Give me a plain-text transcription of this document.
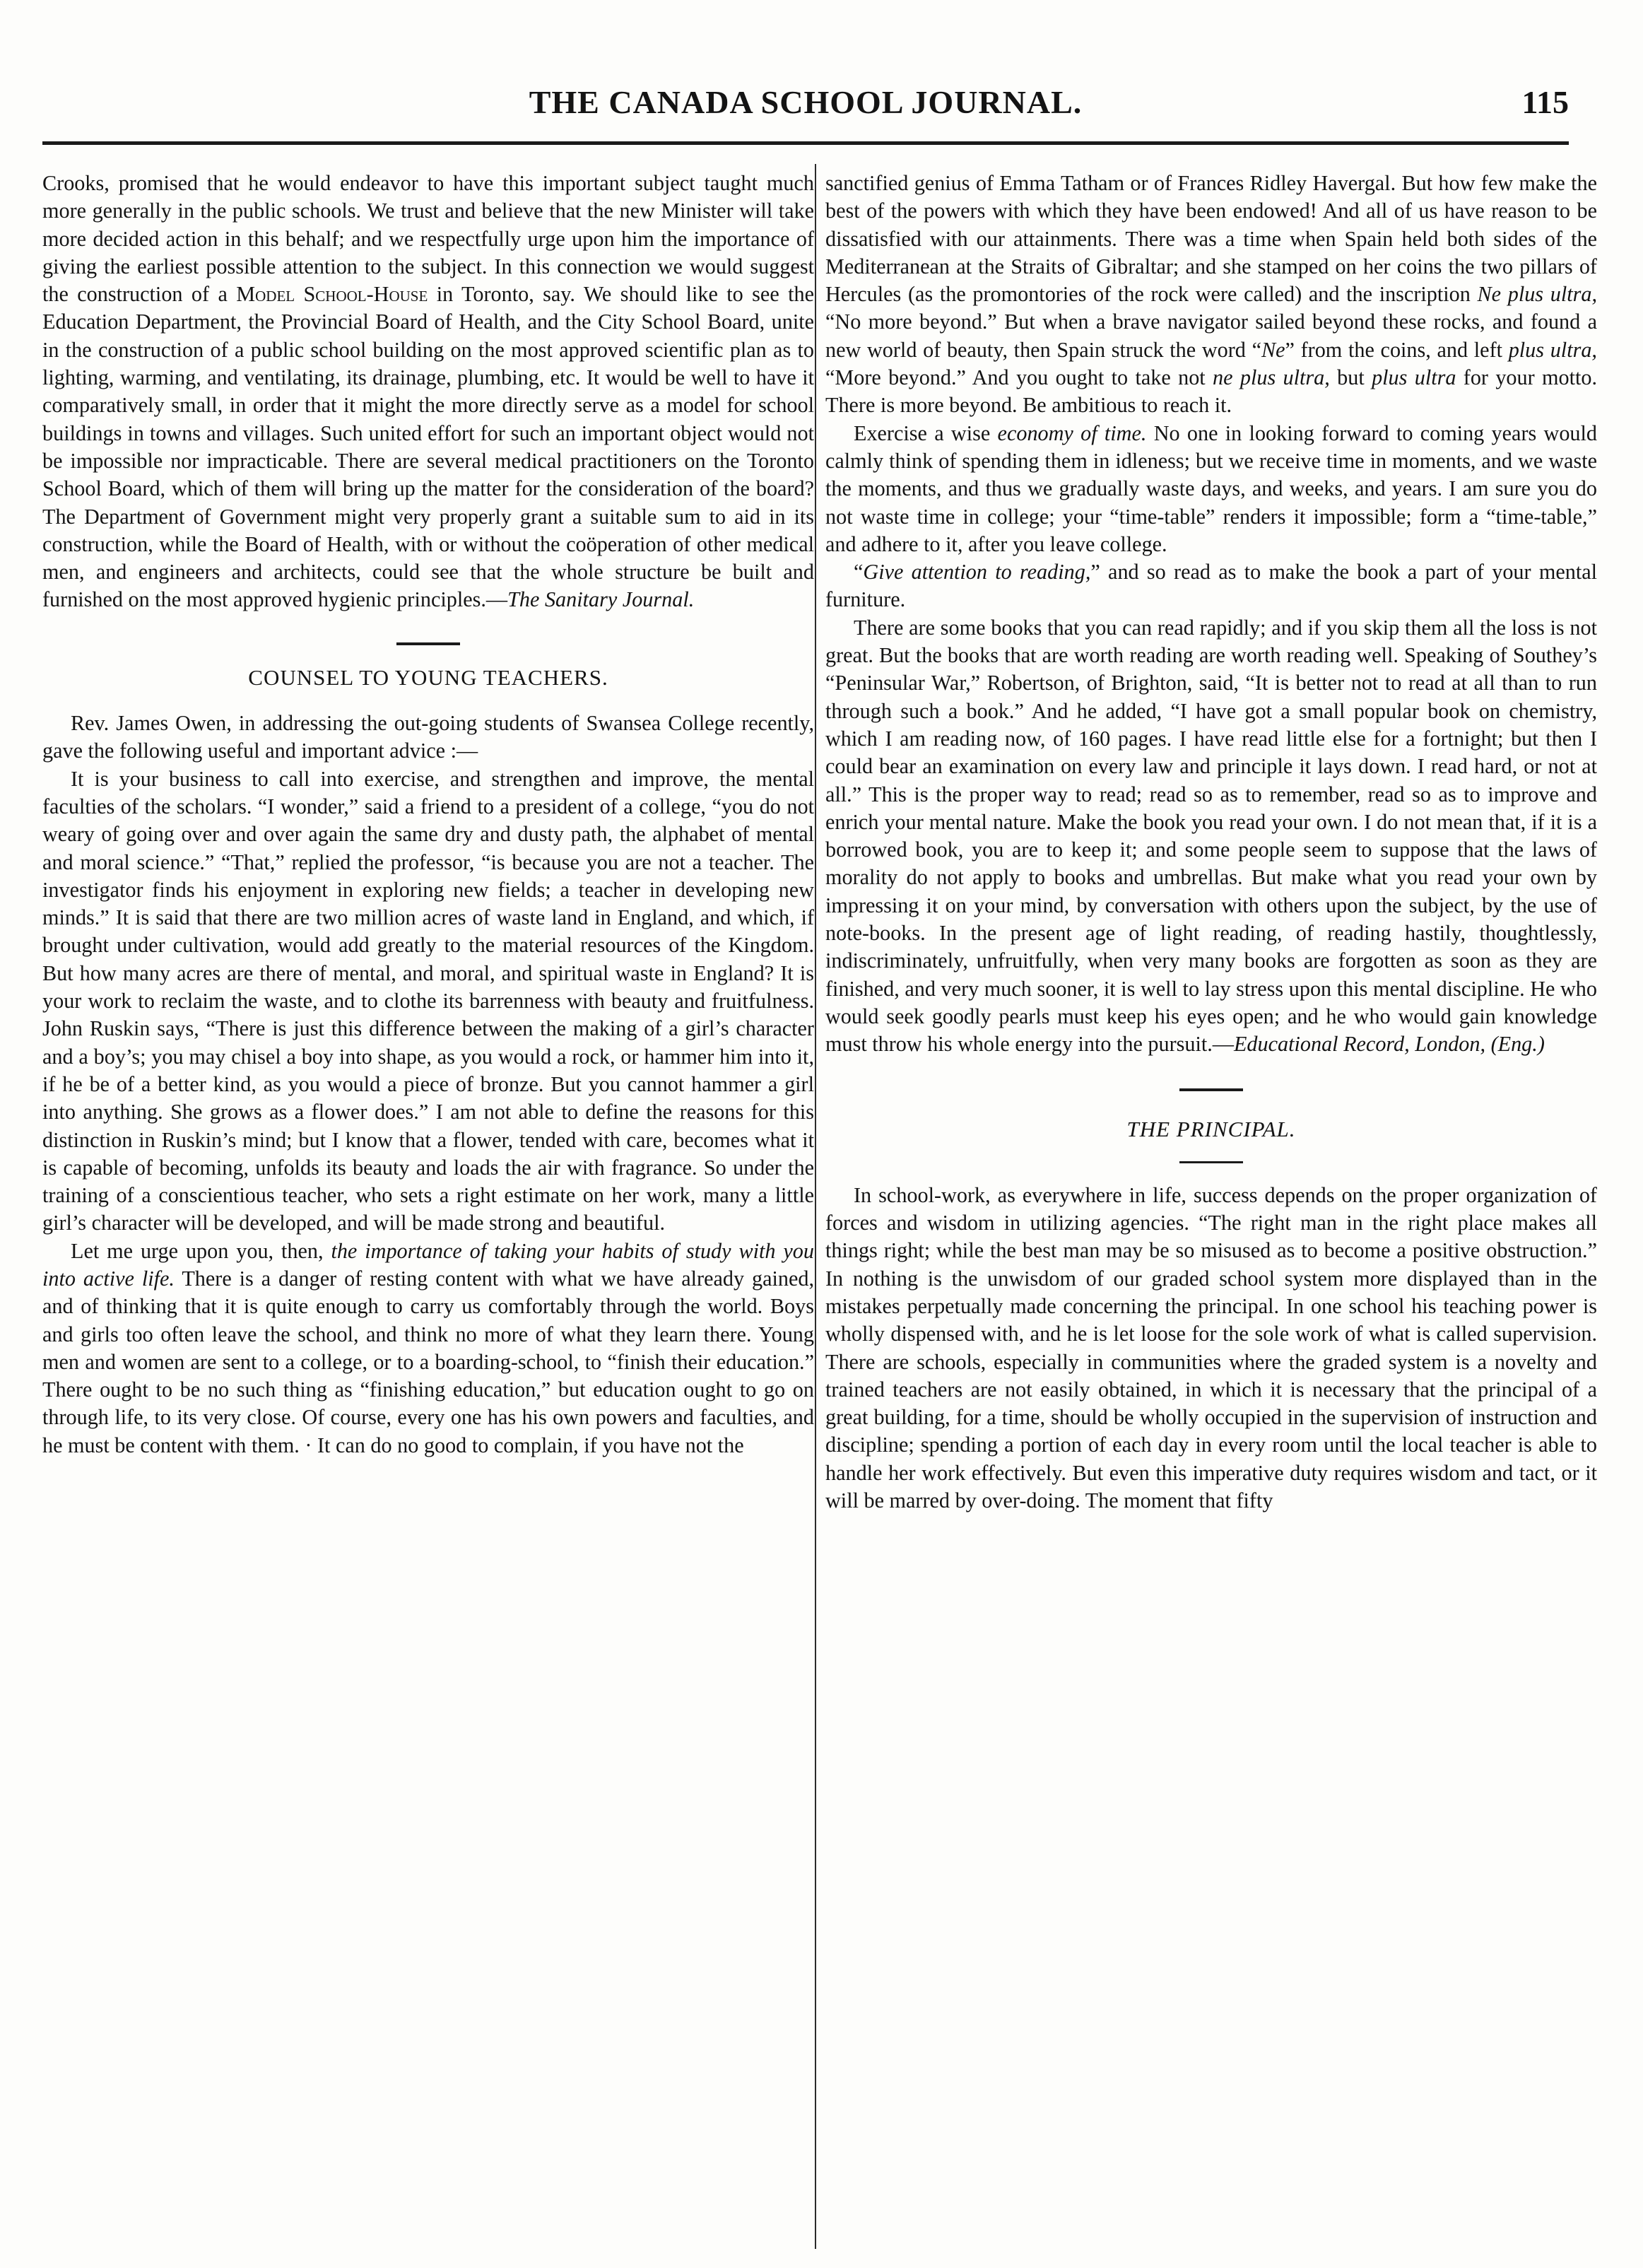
THE CANADA SCHOOL JOURNAL.	115

Crooks, promised that he would endeavor to have this important subject taught much more generally in the public schools. We trust and believe that the new Minister will take more decided action in this behalf; and we respectfully urge upon him the importance of giving the earliest possible attention to the subject. In this connection we would suggest the construction of a Model School-House in Toronto, say. We should like to see the Education Department, the Provincial Board of Health, and the City School Board, unite in the construction of a public school building on the most approved scientific plan as to lighting, warming, and ventilating, its drainage, plumbing, etc. It would be well to have it comparatively small, in order that it might the more directly serve as a model for school buildings in towns and villages. Such united effort for such an important object would not be impossible nor impracticable. There are several medical practitioners on the Toronto School Board, which of them will bring up the matter for the consideration of the board? The Department of Government might very properly grant a suitable sum to aid in its construction, while the Board of Health, with or without the coöperation of other medical men, and engineers and architects, could see that the whole structure be built and furnished on the most approved hygienic principles.—The Sanitary Journal.

COUNSEL TO YOUNG TEACHERS.

Rev. James Owen, in addressing the out-going students of Swansea College recently, gave the following useful and important advice :—

It is your business to call into exercise, and strengthen and improve, the mental faculties of the scholars. “I wonder,” said a friend to a president of a college, “you do not weary of going over and over again the same dry and dusty path, the alphabet of mental and moral science.” “That,” replied the professor, “is because you are not a teacher. The investigator finds his enjoyment in exploring new fields; a teacher in developing new minds.” It is said that there are two million acres of waste land in England, and which, if brought under cultivation, would add greatly to the material resources of the Kingdom. But how many acres are there of mental, and moral, and spiritual waste in England? It is your work to reclaim the waste, and to clothe its barrenness with beauty and fruitfulness. John Ruskin says, “There is just this difference between the making of a girl’s character and a boy’s; you may chisel a boy into shape, as you would a rock, or hammer him into it, if he be of a better kind, as you would a piece of bronze. But you cannot hammer a girl into anything. She grows as a flower does.” I am not able to define the reasons for this distinction in Ruskin’s mind; but I know that a flower, tended with care, becomes what it is capable of becoming, unfolds its beauty and loads the air with fragrance. So under the training of a conscientious teacher, who sets a right estimate on her work, many a little girl’s character will be developed, and will be made strong and beautiful.

Let me urge upon you, then, the importance of taking your habits of study with you into active life. There is a danger of resting content with what we have already gained, and of thinking that it is quite enough to carry us comfortably through the world. Boys and girls too often leave the school, and think no more of what they learn there. Young men and women are sent to a college, or to a boarding-school, to “finish their education.” There ought to be no such thing as “finishing education,” but education ought to go on through life, to its very close. Of course, every one has his own powers and faculties, and he must be content with them. · It can do no good to complain, if you have not the

sanctified genius of Emma Tatham or of Frances Ridley Havergal. But how few make the best of the powers with which they have been endowed! And all of us have reason to be dissatisfied with our attainments. There was a time when Spain held both sides of the Mediterranean at the Straits of Gibraltar; and she stamped on her coins the two pillars of Hercules (as the promontories of the rock were called) and the inscription Ne plus ultra, “No more beyond.” But when a brave navigator sailed beyond these rocks, and found a new world of beauty, then Spain struck the word “Ne” from the coins, and left plus ultra, “More beyond.” And you ought to take not ne plus ultra, but plus ultra for your motto. There is more beyond. Be ambitious to reach it.

Exercise a wise economy of time. No one in looking forward to coming years would calmly think of spending them in idleness; but we receive time in moments, and we waste the moments, and thus we gradually waste days, and weeks, and years. I am sure you do not waste time in college; your “time-table” renders it impossible; form a “time-table,” and adhere to it, after you leave college.

“Give attention to reading,” and so read as to make the book a part of your mental furniture.

There are some books that you can read rapidly; and if you skip them all the loss is not great. But the books that are worth reading are worth reading well. Speaking of Southey’s “Peninsular War,” Robertson, of Brighton, said, “It is better not to read at all than to run through such a book.” And he added, “I have got a small popular book on chemistry, which I am reading now, of 160 pages. I have read little else for a fortnight; but then I could bear an examination on every law and principle it lays down. I read hard, or not at all.” This is the proper way to read; read so as to remember, read so as to improve and enrich your mental nature. Make the book you read your own. I do not mean that, if it is a borrowed book, you are to keep it; and some people seem to suppose that the laws of morality do not apply to books and umbrellas. But make what you read your own by impressing it on your mind, by conversation with others upon the subject, by the use of note-books. In the present age of light reading, of reading hastily, thoughtlessly, indiscriminately, unfruitfully, when very many books are forgotten as soon as they are finished, and very much sooner, it is well to lay stress upon this mental discipline. He who would seek goodly pearls must keep his eyes open; and he who would gain knowledge must throw his whole energy into the pursuit.—Educational Record, London, (Eng.)

THE PRINCIPAL.

In school-work, as everywhere in life, success depends on the proper organization of forces and wisdom in utilizing agencies. “The right man in the right place makes all things right; while the best man may be so misused as to become a positive obstruction.” In nothing is the unwisdom of our graded school system more displayed than in the mistakes perpetually made concerning the principal. In one school his teaching power is wholly dispensed with, and he is let loose for the sole work of what is called supervision. There are schools, especially in communities where the graded system is a novelty and trained teachers are not easily obtained, in which it is necessary that the principal of a great building, for a time, should be wholly occupied in the supervision of instruction and discipline; spending a portion of each day in every room until the local teacher is able to handle her work effectively. But even this imperative duty requires wisdom and tact, or it will be marred by over-doing. The moment that fifty
